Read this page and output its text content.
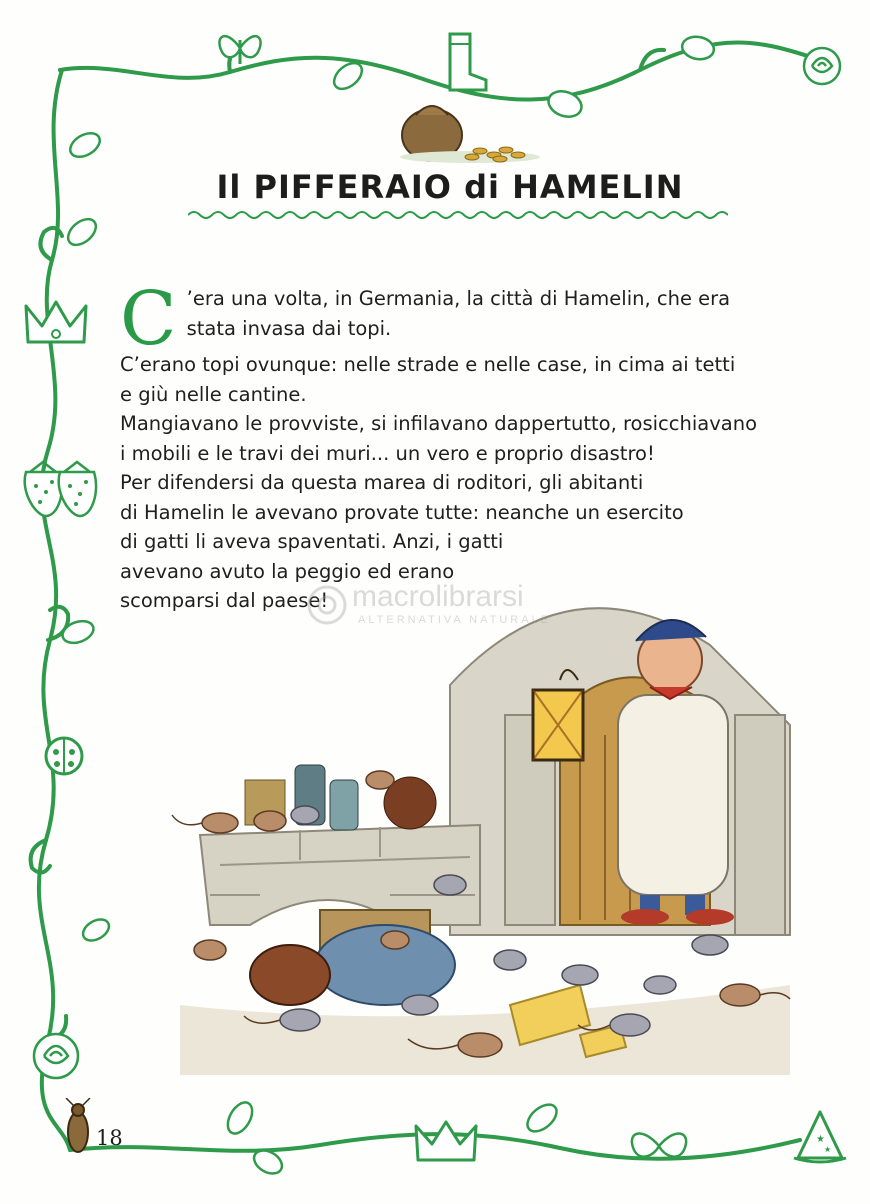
★
★
Il PIFFERAIO di HAMELIN
C ’era una volta, in Germania, la città di Hamelin, che era
stata invasa dai topi.
C’erano topi ovunque: nelle strade e nelle case, in cima ai tetti
e giù nelle cantine.
Mangiavano le provviste, si infilavano dappertutto, rosicchiavano
i mobili e le travi dei muri... un vero e proprio disastro!
Per difendersi da questa marea di roditori, gli abitanti
di Hamelin le avevano provate tutte: neanche un esercito
di gatti li aveva spaventati. Anzi, i gatti
avevano avuto la peggio ed erano
scomparsi dal paese! macrolibrarsi
ALTERNATIVA NATURALE
18
